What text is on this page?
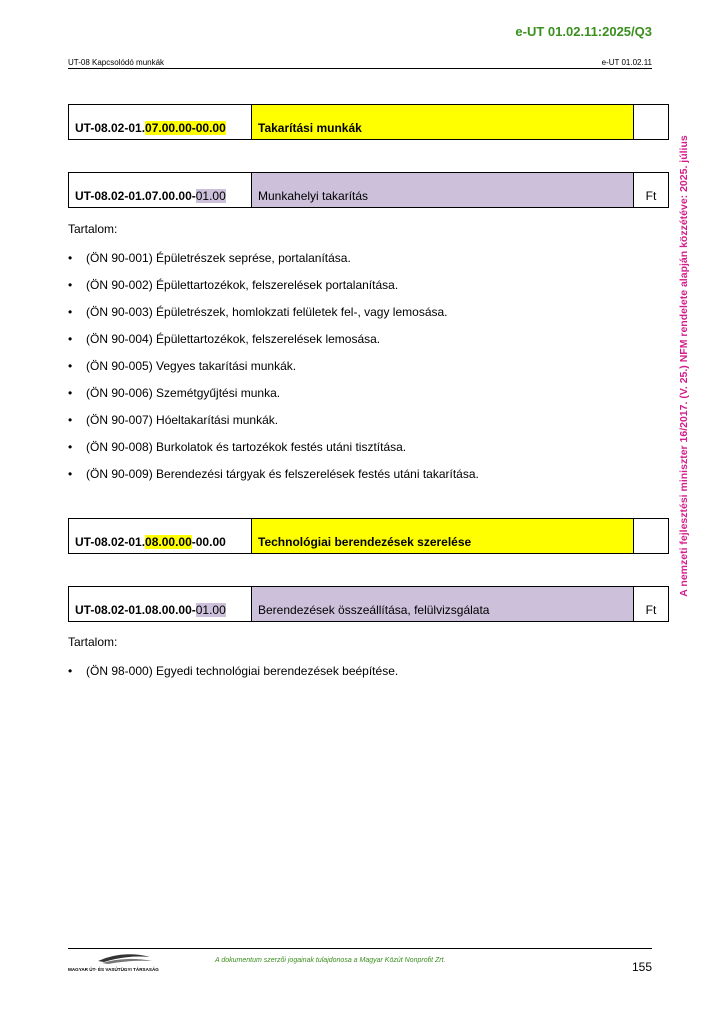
e-UT 01.02.11:2025/Q3
UT-08 Kapcsolódó munkák	e-UT 01.02.11
A nemzeti fejlesztési miniszter 16/2017. (V. 25.) NFM rendelete alapján közzétéve: 2025. július
UT-08.02-01.07.00.00-00.00	Takarítási munkák	
UT-08.02-01.07.00.00-01.00	Munkahelyi takarítás	Ft
Tartalom:
• (ÖN 90-001) Épületrészek seprése, portalanítása.
• (ÖN 90-002) Épülettartozékok, felszerelések portalanítása.
• (ÖN 90-003) Épületrészek, homlokzati felületek fel-, vagy lemosása.
• (ÖN 90-004) Épülettartozékok, felszerelések lemosása.
• (ÖN 90-005) Vegyes takarítási munkák.
• (ÖN 90-006) Szemétgyűjtési munka.
• (ÖN 90-007) Hóeltakarítási munkák.
• (ÖN 90-008) Burkolatok és tartozékok festés utáni tisztítása.
• (ÖN 90-009) Berendezési tárgyak és felszerelések festés utáni takarítása.
UT-08.02-01.08.00.00-00.00	Technológiai berendezések szerelése	
UT-08.02-01.08.00.00-01.00	Berendezések összeállítása, felülvizsgálata	Ft
Tartalom:
• (ÖN 98-000) Egyedi technológiai berendezések beépítése.
MAGYAR ÚT- ÉS VASÚTÜGYI TÁRSASÁG
A dokumentum szerzői jogainak tulajdonosa a Magyar Közút Nonprofit Zrt.	155
